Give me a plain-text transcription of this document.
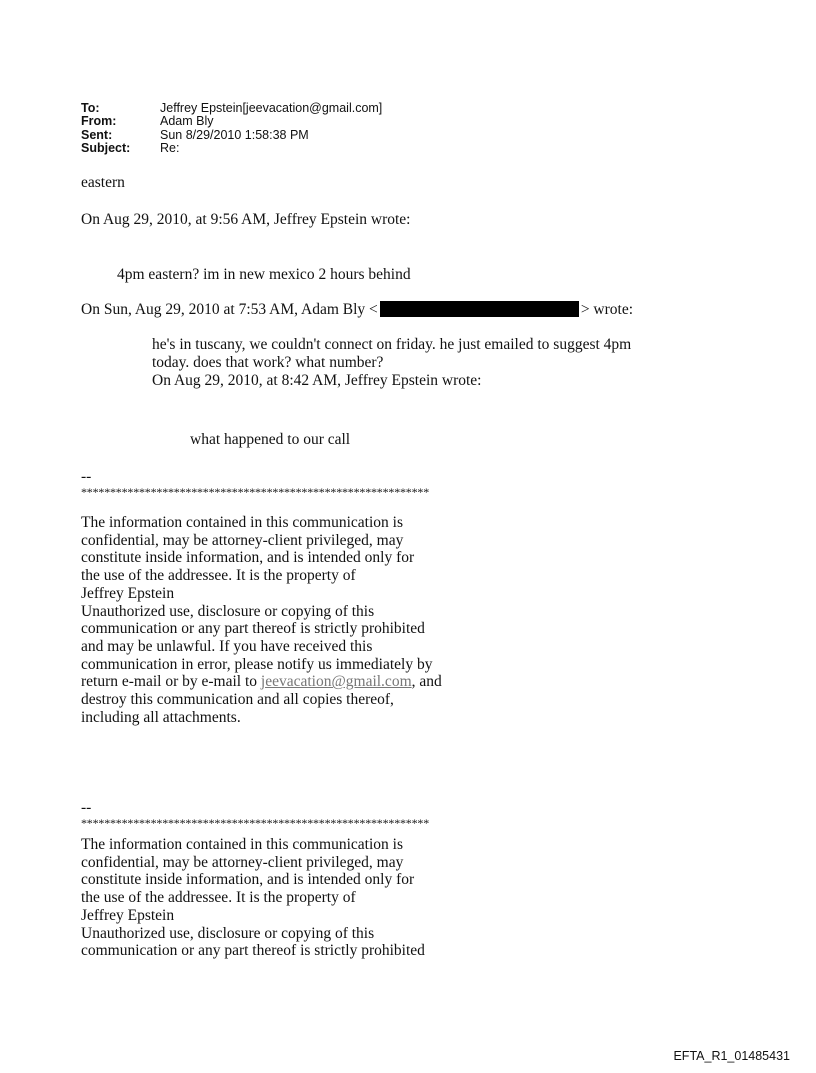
To:	Jeffrey Epstein[jeevacation@gmail.com]
From:	Adam Bly
Sent:	Sun 8/29/2010 1:58:38 PM
Subject:	Re:
eastern
On Aug 29, 2010, at 9:56 AM, Jeffrey Epstein wrote:
4pm eastern? im in new mexico 2 hours behind
On Sun, Aug 29, 2010 at 7:53 AM, Adam Bly <	> wrote:
he's in tuscany, we couldn't connect on friday. he just emailed to suggest 4pm
today. does that work? what number?
On Aug 29, 2010, at 8:42 AM, Jeffrey Epstein wrote:
what happened to our call
--
************************************************************
The information contained in this communication is
confidential, may be attorney-client privileged, may
constitute inside information, and is intended only for
the use of the addressee. It is the property of
Jeffrey Epstein
Unauthorized use, disclosure or copying of this
communication or any part thereof is strictly prohibited
and may be unlawful. If you have received this
communication in error, please notify us immediately by
return e-mail or by e-mail to jeevacation@gmail.com, and
destroy this communication and all copies thereof,
including all attachments.
--
************************************************************
The information contained in this communication is
confidential, may be attorney-client privileged, may
constitute inside information, and is intended only for
the use of the addressee. It is the property of
Jeffrey Epstein
Unauthorized use, disclosure or copying of this
communication or any part thereof is strictly prohibited
EFTA_R1_01485431
